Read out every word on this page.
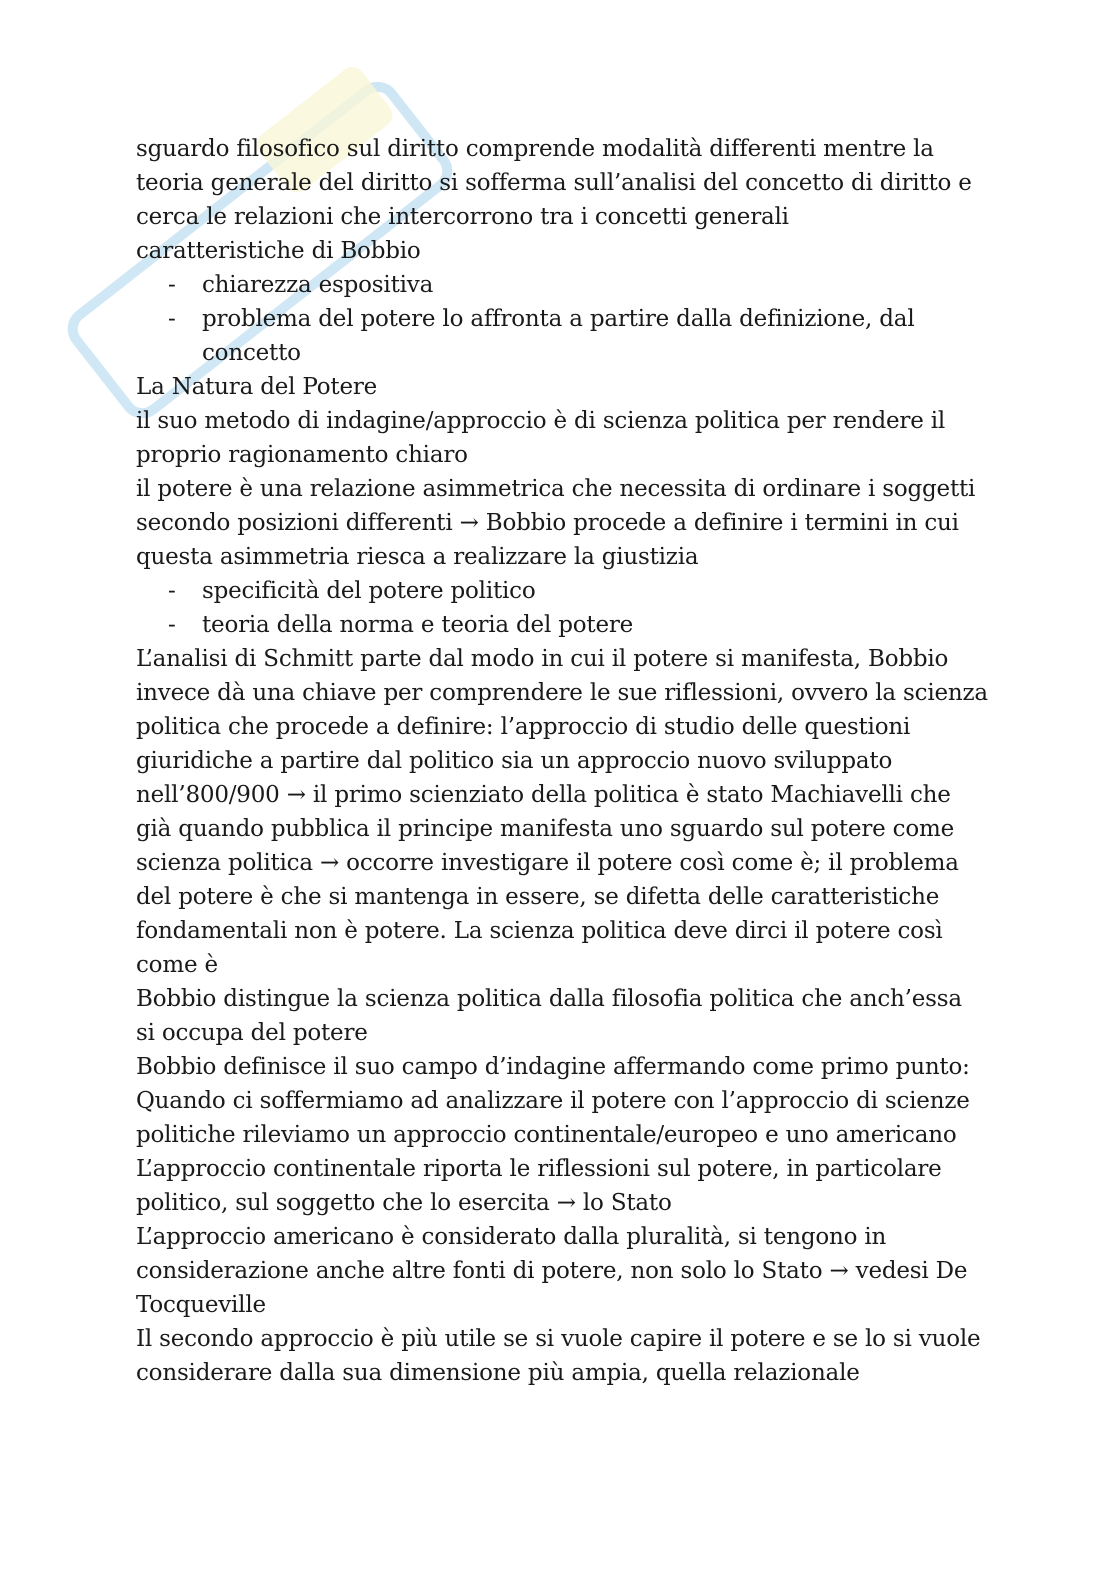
sguardo filosofico sul diritto comprende modalità differenti mentre la
teoria generale del diritto si sofferma sull’analisi del concetto di diritto e
cerca le relazioni che intercorrono tra i concetti generali
caratteristiche di Bobbio
- chiarezza espositiva
- problema del potere lo affronta a partire dalla definizione, dal
concetto
La Natura del Potere
il suo metodo di indagine/approccio è di scienza politica per rendere il
proprio ragionamento chiaro
il potere è una relazione asimmetrica che necessita di ordinare i soggetti
secondo posizioni differenti → Bobbio procede a definire i termini in cui
questa asimmetria riesca a realizzare la giustizia
- specificità del potere politico
- teoria della norma e teoria del potere
L’analisi di Schmitt parte dal modo in cui il potere si manifesta, Bobbio
invece dà una chiave per comprendere le sue riflessioni, ovvero la scienza
politica che procede a definire: l’approccio di studio delle questioni
giuridiche a partire dal politico sia un approccio nuovo sviluppato
nell’800/900 → il primo scienziato della politica è stato Machiavelli che
già quando pubblica il principe manifesta uno sguardo sul potere come
scienza politica → occorre investigare il potere così come è; il problema
del potere è che si mantenga in essere, se difetta delle caratteristiche
fondamentali non è potere. La scienza politica deve dirci il potere così
come è
Bobbio distingue la scienza politica dalla filosofia politica che anch’essa
si occupa del potere
Bobbio definisce il suo campo d’indagine affermando come primo punto:
Quando ci soffermiamo ad analizzare il potere con l’approccio di scienze
politiche rileviamo un approccio continentale/europeo e uno americano
L’approccio continentale riporta le riflessioni sul potere, in particolare
politico, sul soggetto che lo esercita → lo Stato
L’approccio americano è considerato dalla pluralità, si tengono in
considerazione anche altre fonti di potere, non solo lo Stato → vedesi De
Tocqueville
Il secondo approccio è più utile se si vuole capire il potere e se lo si vuole
considerare dalla sua dimensione più ampia, quella relazionale
